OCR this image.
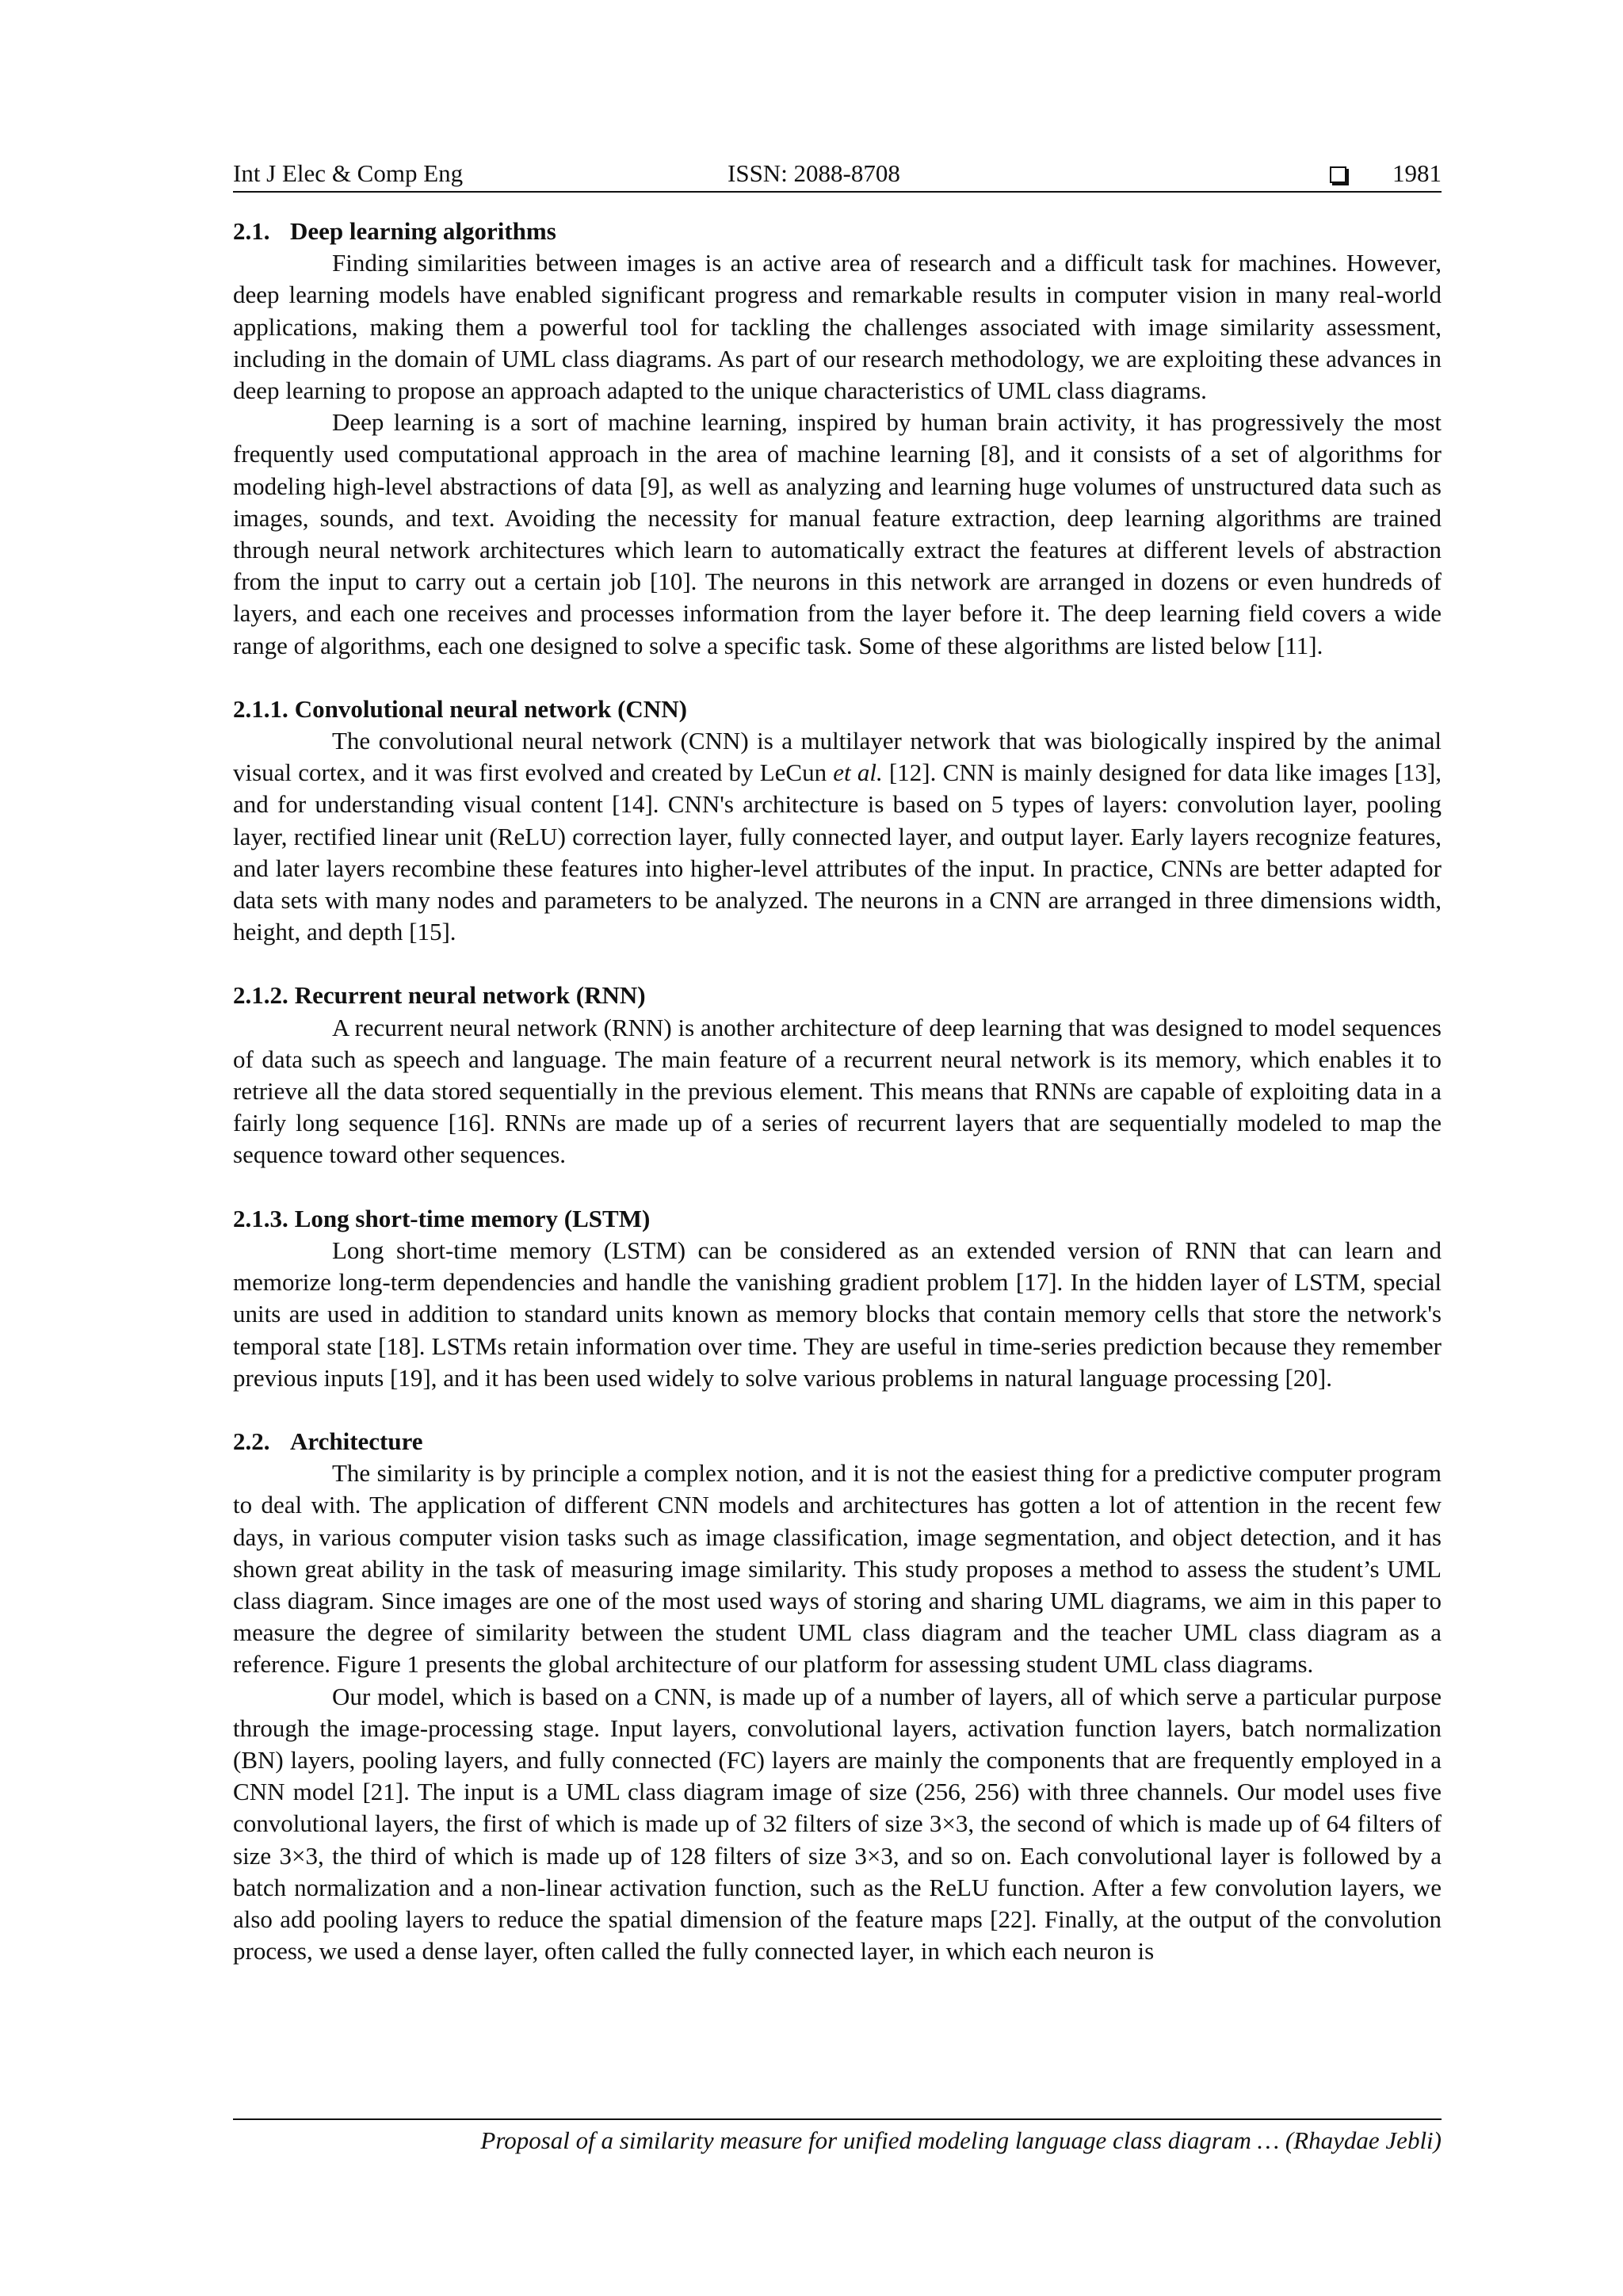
Int J Elec & Comp Eng	ISSN: 2088-8708	1981
2.1. Deep learning algorithms

Finding similarities between images is an active area of research and a difficult task for machines. However, deep learning models have enabled significant progress and remarkable results in computer vision in many real-world applications, making them a powerful tool for tackling the challenges associated with image similarity assessment, including in the domain of UML class diagrams. As part of our research methodology, we are exploiting these advances in deep learning to propose an approach adapted to the unique characteristics of UML class diagrams.

Deep learning is a sort of machine learning, inspired by human brain activity, it has progressively the most frequently used computational approach in the area of machine learning [8], and it consists of a set of algorithms for modeling high-level abstractions of data [9], as well as analyzing and learning huge volumes of unstructured data such as images, sounds, and text. Avoiding the necessity for manual feature extraction, deep learning algorithms are trained through neural network architectures which learn to automatically extract the features at different levels of abstraction from the input to carry out a certain job [10]. The neurons in this network are arranged in dozens or even hundreds of layers, and each one receives and processes information from the layer before it. The deep learning field covers a wide range of algorithms, each one designed to solve a specific task. Some of these algorithms are listed below [11].

2.1.1. Convolutional neural network (CNN)

The convolutional neural network (CNN) is a multilayer network that was biologically inspired by the animal visual cortex, and it was first evolved and created by LeCun et al. [12]. CNN is mainly designed for data like images [13], and for understanding visual content [14]. CNN's architecture is based on 5 types of layers: convolution layer, pooling layer, rectified linear unit (ReLU) correction layer, fully connected layer, and output layer. Early layers recognize features, and later layers recombine these features into higher-level attributes of the input. In practice, CNNs are better adapted for data sets with many nodes and parameters to be analyzed. The neurons in a CNN are arranged in three dimensions width, height, and depth [15].

2.1.2. Recurrent neural network (RNN)

A recurrent neural network (RNN) is another architecture of deep learning that was designed to model sequences of data such as speech and language. The main feature of a recurrent neural network is its memory, which enables it to retrieve all the data stored sequentially in the previous element. This means that RNNs are capable of exploiting data in a fairly long sequence [16]. RNNs are made up of a series of recurrent layers that are sequentially modeled to map the sequence toward other sequences.

2.1.3. Long short-time memory (LSTM)

Long short-time memory (LSTM) can be considered as an extended version of RNN that can learn and memorize long-term dependencies and handle the vanishing gradient problem [17]. In the hidden layer of LSTM, special units are used in addition to standard units known as memory blocks that contain memory cells that store the network's temporal state [18]. LSTMs retain information over time. They are useful in time-series prediction because they remember previous inputs [19], and it has been used widely to solve various problems in natural language processing [20].

2.2. Architecture

The similarity is by principle a complex notion, and it is not the easiest thing for a predictive computer program to deal with. The application of different CNN models and architectures has gotten a lot of attention in the recent few days, in various computer vision tasks such as image classification, image segmentation, and object detection, and it has shown great ability in the task of measuring image similarity. This study proposes a method to assess the student’s UML class diagram. Since images are one of the most used ways of storing and sharing UML diagrams, we aim in this paper to measure the degree of similarity between the student UML class diagram and the teacher UML class diagram as a reference. Figure 1 presents the global architecture of our platform for assessing student UML class diagrams.

Our model, which is based on a CNN, is made up of a number of layers, all of which serve a particular purpose through the image-processing stage. Input layers, convolutional layers, activation function layers, batch normalization (BN) layers, pooling layers, and fully connected (FC) layers are mainly the components that are frequently employed in a CNN model [21]. The input is a UML class diagram image of size (256, 256) with three channels. Our model uses five convolutional layers, the first of which is made up of 32 filters of size 3×3, the second of which is made up of 64 filters of size 3×3, the third of which is made up of 128 filters of size 3×3, and so on. Each convolutional layer is followed by a batch normalization and a non-linear activation function, such as the ReLU function. After a few convolution layers, we also add pooling layers to reduce the spatial dimension of the feature maps [22]. Finally, at the output of the convolution process, we used a dense layer, often called the fully connected layer, in which each neuron is

Proposal of a similarity measure for unified modeling language class diagram … (Rhaydae Jebli)
